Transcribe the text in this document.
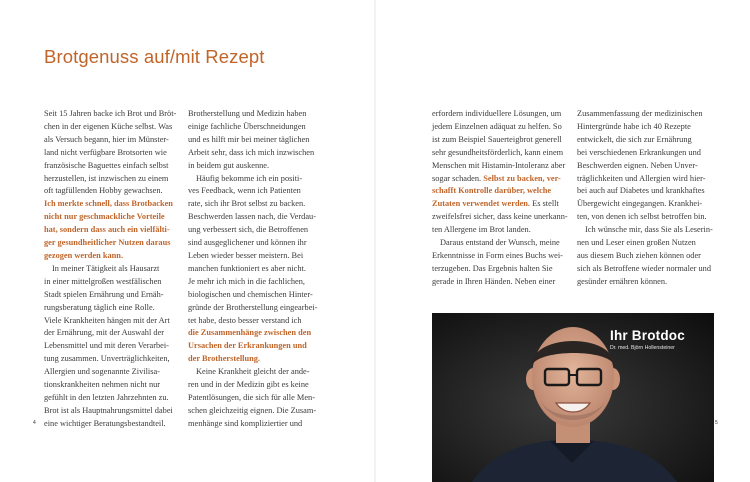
Brotgenuss auf/mit Rezept

Seit 15 Jahren backe ich Brot und Bröt-

chen in der eigenen Küche selbst. Was

als Versuch begann, hier im Münster-

land nicht verfügbare Brotsorten wie

französische Baguettes einfach selbst

herzustellen, ist inzwischen zu einem

oft tagfüllenden Hobby gewachsen.

Ich merkte schnell, dass Brotbacken

nicht nur geschmackliche Vorteile

hat, sondern dass auch ein vielfälti-

ger gesundheitlicher Nutzen daraus

gezogen werden kann.

In meiner Tätigkeit als Hausarzt

in einer mittelgroßen westfälischen

Stadt spielen Ernährung und Ernäh-

rungsberatung täglich eine Rolle.

Viele Krankheiten hängen mit der Art

der Ernährung, mit der Auswahl der

Lebensmittel und mit deren Verarbei-

tung zusammen. Unverträglichkeiten,

Allergien und sogenannte Zivilisa-

tionskrankheiten nehmen nicht nur

gefühlt in den letzten Jahrzehnten zu.

Brot ist als Hauptnahrungsmittel dabei

eine wichtiger Beratungsbestandteil.

Brotherstellung und Medizin haben

einige fachliche Überschneidungen

und es hilft mir bei meiner täglichen

Arbeit sehr, dass ich mich inzwischen

in beidem gut auskenne.

Häufig bekomme ich ein positi-

ves Feedback, wenn ich Patienten

rate, sich ihr Brot selbst zu backen.

Beschwerden lassen nach, die Verdau-

ung verbessert sich, die Betroffenen

sind ausgeglichener und können ihr

Leben wieder besser meistern. Bei

manchen funktioniert es aber nicht.

Je mehr ich mich in die fachlichen,

biologischen und chemischen Hinter-

gründe der Brotherstellung eingearbei-

tet habe, desto besser verstand ich

die Zusammenhänge zwischen den

Ursachen der Erkrankungen und

der Brotherstellung.

Keine Krankheit gleicht der ande-

ren und in der Medizin gibt es keine

Patentlösungen, die sich für alle Men-

schen gleichzeitig eignen. Die Zusam-

menhänge sind kompliziertier und

erfordern individuellere Lösungen, um

jedem Einzelnen adäquat zu helfen. So

ist zum Beispiel Sauerteigbrot generell

sehr gesundheitsförderlich, kann einem

Menschen mit Histamin-Intoleranz aber

sogar schaden. Selbst zu backen, ver-

schafft Kontrolle darüber, welche

Zutaten verwendet werden. Es stellt

zweifelsfrei sicher, dass keine unerkann-

ten Allergene im Brot landen.

Daraus entstand der Wunsch, meine

Erkenntnisse in Form eines Buchs wei-

terzugeben. Das Ergebnis halten Sie

gerade in Ihren Händen. Neben einer

Zusammenfassung der medizinischen

Hintergründe habe ich 40 Rezepte

entwickelt, die sich zur Ernährung

bei verschiedenen Erkrankungen und

Beschwerden eignen. Neben Unver-

träglichkeiten und Allergien wird hier-

bei auch auf Diabetes und krankhaftes

Übergewicht eingegangen. Krankhei-

ten, von denen ich selbst betroffen bin.

Ich wünsche mir, dass Sie als Leserin-

nen und Leser einen großen Nutzen

aus diesem Buch ziehen können oder

sich als Betroffene wieder normaler und

gesünder ernähren können.

Ihr Brotdoc
Dr. med. Björn Hollensteiner
4	5
